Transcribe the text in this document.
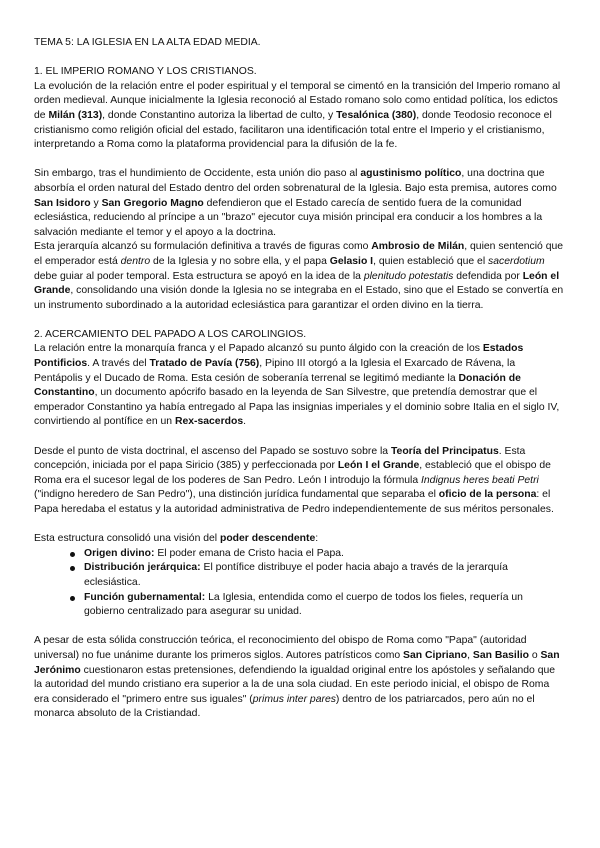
TEMA 5: LA IGLESIA EN LA ALTA EDAD MEDIA.

1. EL IMPERIO ROMANO Y LOS CRISTIANOS.

La evolución de la relación entre el poder espiritual y el temporal se cimentó en la transición del Imperio romano al orden medieval. Aunque inicialmente la Iglesia reconoció al Estado romano solo como entidad política, los edictos de Milán (313), donde Constantino autoriza la libertad de culto, y Tesalónica (380), donde Teodosio reconoce el cristianismo como religión oficial del estado, facilitaron una identificación total entre el Imperio y el cristianismo, interpretando a Roma como la plataforma providencial para la difusión de la fe.

Sin embargo, tras el hundimiento de Occidente, esta unión dio paso al agustinismo político, una doctrina que absorbía el orden natural del Estado dentro del orden sobrenatural de la Iglesia. Bajo esta premisa, autores como San Isidoro y San Gregorio Magno defendieron que el Estado carecía de sentido fuera de la comunidad eclesiástica, reduciendo al príncipe a un "brazo" ejecutor cuya misión principal era conducir a los hombres a la salvación mediante el temor y el apoyo a la doctrina.

Esta jerarquía alcanzó su formulación definitiva a través de figuras como Ambrosio de Milán, quien sentenció que el emperador está dentro de la Iglesia y no sobre ella, y el papa Gelasio I, quien estableció que el sacerdotium debe guiar al poder temporal. Esta estructura se apoyó en la idea de la plenitudo potestatis defendida por León el Grande, consolidando una visión donde la Iglesia no se integraba en el Estado, sino que el Estado se convertía en un instrumento subordinado a la autoridad eclesiástica para garantizar el orden divino en la tierra.

2. ACERCAMIENTO DEL PAPADO A LOS CAROLINGIOS.

La relación entre la monarquía franca y el Papado alcanzó su punto álgido con la creación de los Estados Pontificios. A través del Tratado de Pavía (756), Pipino III otorgó a la Iglesia el Exarcado de Rávena, la Pentápolis y el Ducado de Roma. Esta cesión de soberanía terrenal se legitimó mediante la Donación de Constantino, un documento apócrifo basado en la leyenda de San Silvestre, que pretendía demostrar que el emperador Constantino ya había entregado al Papa las insignias imperiales y el dominio sobre Italia en el siglo IV, convirtiendo al pontífice en un Rex-sacerdos.

Desde el punto de vista doctrinal, el ascenso del Papado se sostuvo sobre la Teoría del Principatus. Esta concepción, iniciada por el papa Siricio (385) y perfeccionada por León I el Grande, estableció que el obispo de Roma era el sucesor legal de los poderes de San Pedro. León I introdujo la fórmula Indignus heres beati Petri ("indigno heredero de San Pedro"), una distinción jurídica fundamental que separaba el oficio de la persona: el Papa heredaba el estatus y la autoridad administrativa de Pedro independientemente de sus méritos personales.

Esta estructura consolidó una visión del poder descendente:

Origen divino: El poder emana de Cristo hacia el Papa.
Distribución jerárquica: El pontífice distribuye el poder hacia abajo a través de la jerarquía eclesiástica.
Función gubernamental: La Iglesia, entendida como el cuerpo de todos los fieles, requería un gobierno centralizado para asegurar su unidad.

A pesar de esta sólida construcción teórica, el reconocimiento del obispo de Roma como "Papa" (autoridad universal) no fue unánime durante los primeros siglos. Autores patrísticos como San Cipriano, San Basilio o San Jerónimo cuestionaron estas pretensiones, defendiendo la igualdad original entre los apóstoles y señalando que la autoridad del mundo cristiano era superior a la de una sola ciudad. En este periodo inicial, el obispo de Roma era considerado el "primero entre sus iguales" (primus inter pares) dentro de los patriarcados, pero aún no el monarca absoluto de la Cristiandad.
